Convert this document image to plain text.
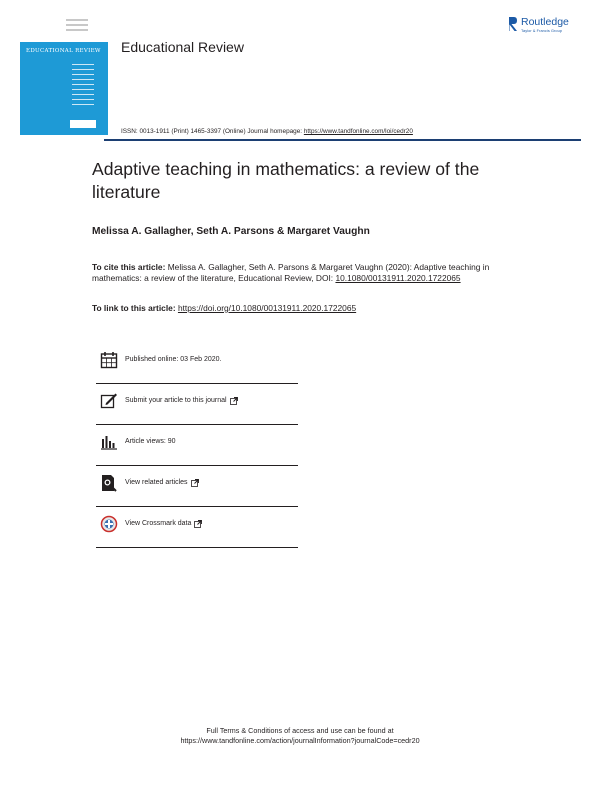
EDUCATIONAL REVIEW Educational Review
Routledge
Taylor & Francis Group
ISSN: 0013-1911 (Print) 1465-3397 (Online) Journal homepage: https://www.tandfonline.com/loi/cedr20
Adaptive teaching in mathematics: a review of the literature
Melissa A. Gallagher, Seth A. Parsons & Margaret Vaughn
To cite this article: Melissa A. Gallagher, Seth A. Parsons & Margaret Vaughn (2020): Adaptive teaching in mathematics: a review of the literature, Educational Review, DOI: 10.1080/00131911.2020.1722065
To link to this article: https://doi.org/10.1080/00131911.2020.1722065
Published online: 03 Feb 2020.
Submit your article to this journal
Article views: 90
View related articles
View Crossmark data
Full Terms & Conditions of access and use can be found at
https://www.tandfonline.com/action/journalInformation?journalCode=cedr20
